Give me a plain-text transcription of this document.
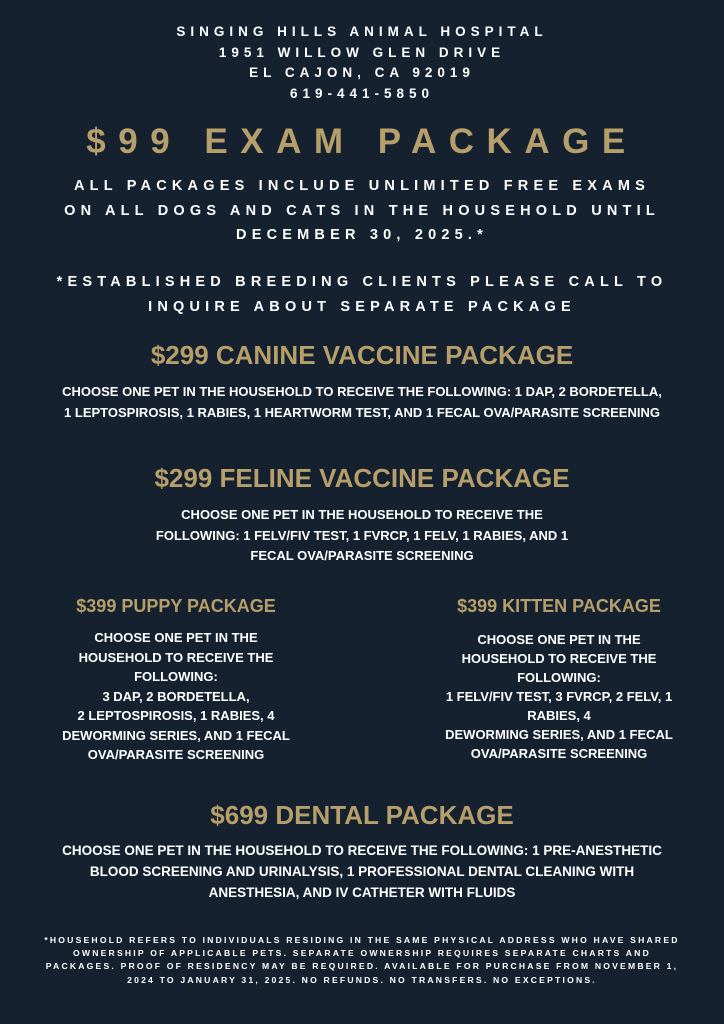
SINGING HILLS ANIMAL HOSPITAL
1951 WILLOW GLEN DRIVE
EL CAJON, CA 92019
619-441-5850
$99 EXAM PACKAGE
ALL PACKAGES INCLUDE UNLIMITED FREE EXAMS ON ALL DOGS AND CATS IN THE HOUSEHOLD UNTIL DECEMBER 30, 2025.*
*ESTABLISHED BREEDING CLIENTS PLEASE CALL TO INQUIRE ABOUT SEPARATE PACKAGE
$299 CANINE VACCINE PACKAGE
CHOOSE ONE PET IN THE HOUSEHOLD TO RECEIVE THE FOLLOWING: 1 DAP, 2 BORDETELLA, 1 LEPTOSPIROSIS, 1 RABIES, 1 HEARTWORM TEST, AND 1 FECAL OVA/PARASITE SCREENING
$299 FELINE VACCINE PACKAGE
CHOOSE ONE PET IN THE HOUSEHOLD TO RECEIVE THE FOLLOWING: 1 FELV/FIV TEST, 1 FVRCP, 1 FELV, 1 RABIES, AND 1 FECAL OVA/PARASITE SCREENING
$399 PUPPY PACKAGE
CHOOSE ONE PET IN THE
HOUSEHOLD TO RECEIVE THE
FOLLOWING:
3 DAP, 2 BORDETELLA,
2 LEPTOSPIROSIS, 1 RABIES, 4
DEWORMING SERIES, AND 1 FECAL
OVA/PARASITE SCREENING
$399 KITTEN PACKAGE
CHOOSE ONE PET IN THE
HOUSEHOLD TO RECEIVE THE
FOLLOWING:
1 FELV/FIV TEST, 3 FVRCP, 2 FELV, 1
RABIES, 4
DEWORMING SERIES, AND 1 FECAL
OVA/PARASITE SCREENING
$699 DENTAL PACKAGE
CHOOSE ONE PET IN THE HOUSEHOLD TO RECEIVE THE FOLLOWING: 1 PRE-ANESTHETIC BLOOD SCREENING AND URINALYSIS, 1 PROFESSIONAL DENTAL CLEANING WITH ANESTHESIA, AND IV CATHETER WITH FLUIDS
*HOUSEHOLD REFERS TO INDIVIDUALS RESIDING IN THE SAME PHYSICAL ADDRESS WHO HAVE SHARED OWNERSHIP OF APPLICABLE PETS. SEPARATE OWNERSHIP REQUIRES SEPARATE CHARTS AND PACKAGES. PROOF OF RESIDENCY MAY BE REQUIRED. AVAILABLE FOR PURCHASE FROM NOVEMBER 1, 2024 TO JANUARY 31, 2025. NO REFUNDS. NO TRANSFERS. NO EXCEPTIONS.
